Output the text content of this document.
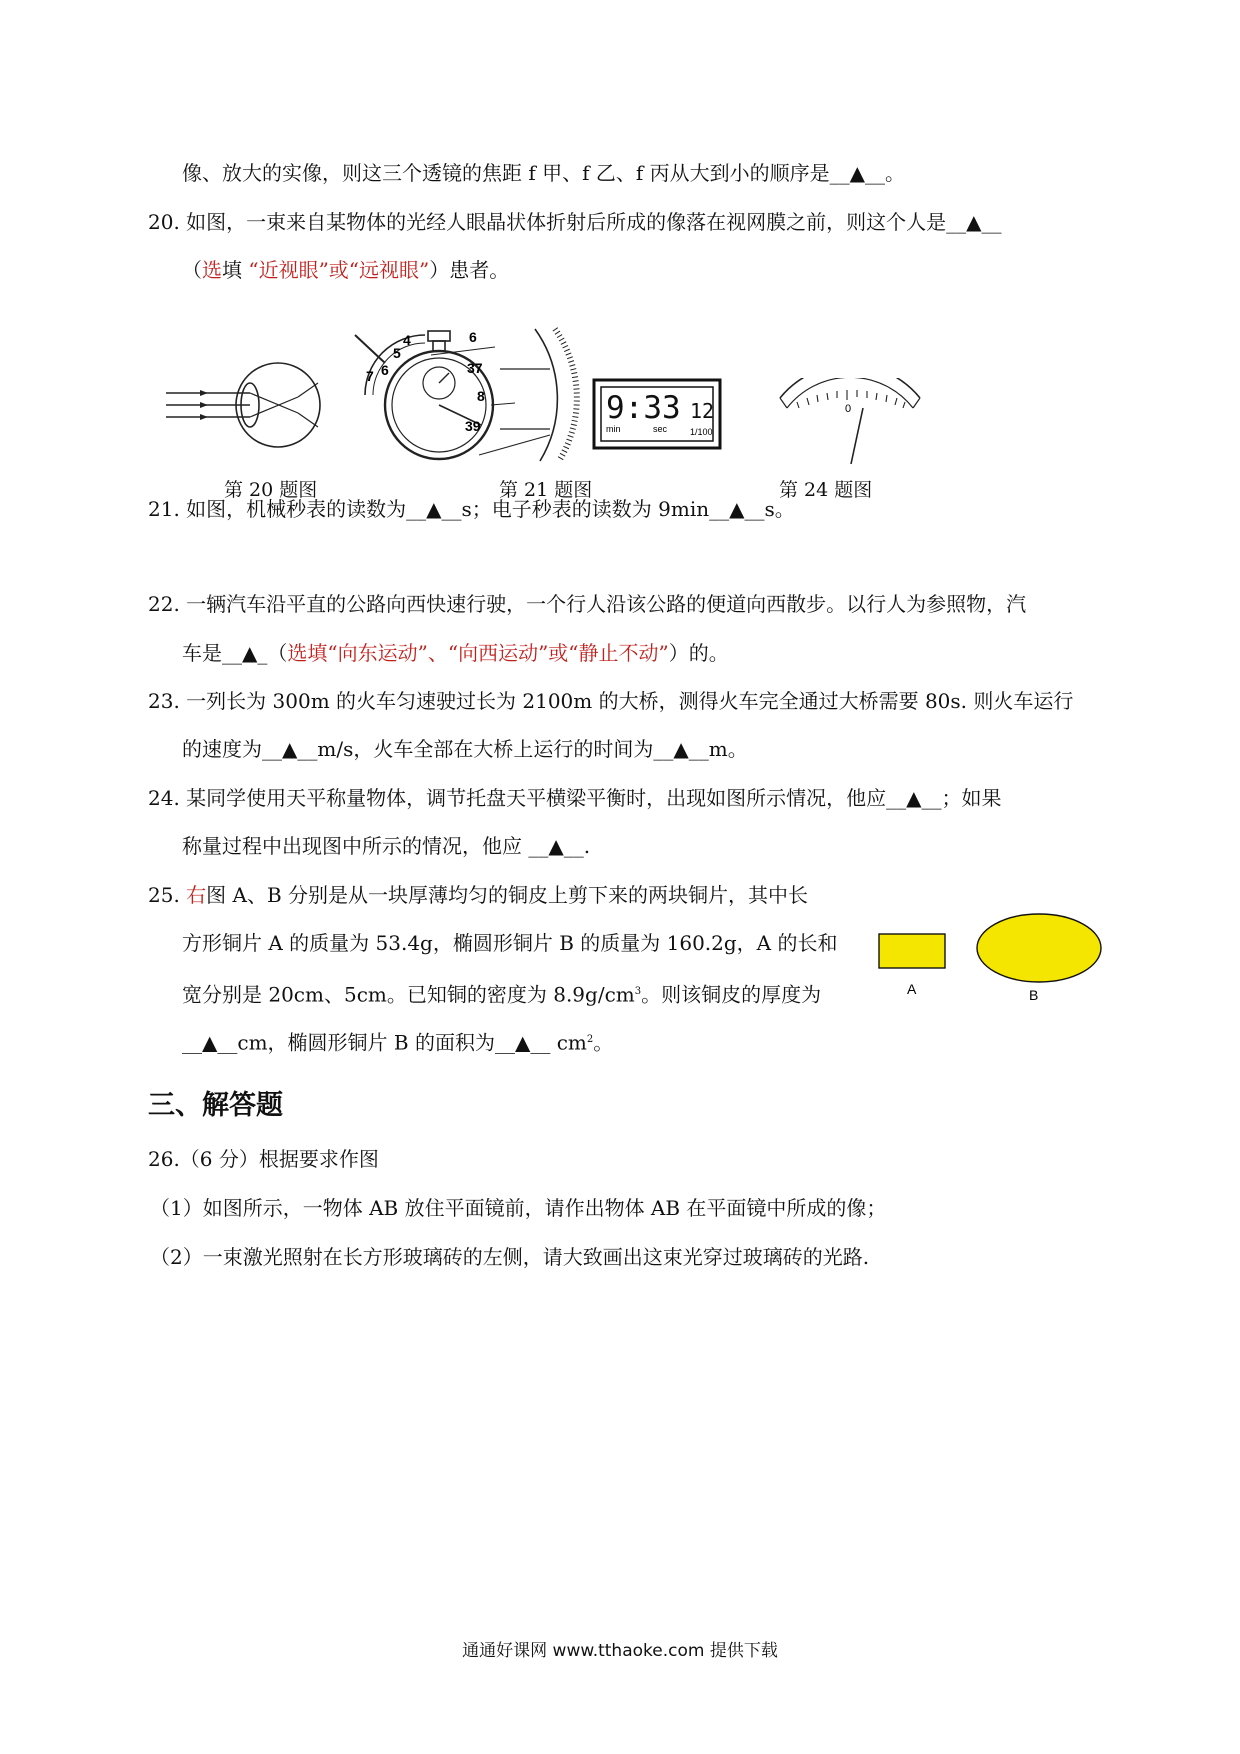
像、放大的实像，则这三个透镜的焦距 f 甲、f 乙、f 丙从大到小的顺序是__▲__。
20. 如图，一束来自某物体的光经人眼晶状体折射后所成的像落在视网膜之前，则这个人是__▲__
（选填 “近视眼”或“远视眼”）患者。
4
5
6
7
6
37
8
39	9:33 12
min	sec	1/100
0
第 20 题图	第 21 题图	第 24 题图
21. 如图，机械秒表的读数为__▲__s；电子秒表的读数为 9min__▲__s。
22. 一辆汽车沿平直的公路向西快速行驶，一个行人沿该公路的便道向西散步。以行人为参照物，汽
车是__▲_（选填“向东运动”、“向西运动”或“静止不动”）的。
23. 一列长为 300m 的火车匀速驶过长为 2100m 的大桥，测得火车完全通过大桥需要 80s. 则火车运行
的速度为__▲__m/s，火车全部在大桥上运行的时间为__▲__m。
24. 某同学使用天平称量物体，调节托盘天平横梁平衡时，出现如图所示情况，他应__▲__；如果
称量过程中出现图中所示的情况，他应 __▲__.
25. 右图 A、B 分别是从一块厚薄均匀的铜皮上剪下来的两块铜片，其中长
方形铜片 A 的质量为 53.4g，椭圆形铜片 B 的质量为 160.2g，A 的长和
宽分别是 20cm、5cm。已知铜的密度为 $8.9g/cm^3$。则该铜皮的厚度为
__▲__cm，椭圆形铜片 B 的面积为__▲__ $cm^2$。
A	B
三、解答题
26.（6 分）根据要求作图
（1）如图所示，一物体 AB 放住平面镜前，请作出物体 AB 在平面镜中所成的像；
（2）一束激光照射在长方形玻璃砖的左侧，请大致画出这束光穿过玻璃砖的光路.
通通好课网 www.tthaoke.com 提供下载
